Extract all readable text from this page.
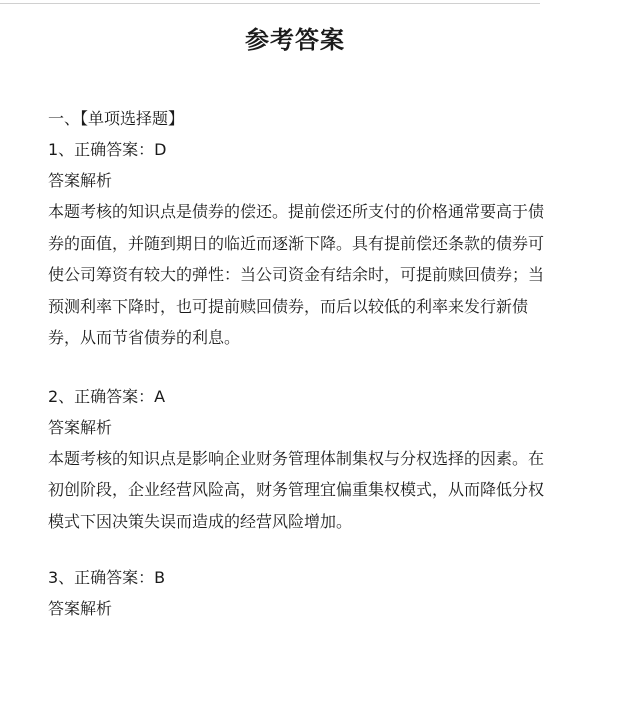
参考答案
一、【单项选择题】
1、正确答案：D
答案解析
本题考核的知识点是债券的偿还。提前偿还所支付的价格通常要高于债券的面值，并随到期日的临近而逐渐下降。具有提前偿还条款的债券可使公司筹资有较大的弹性：当公司资金有结余时，可提前赎回债券；当预测利率下降时，也可提前赎回债券，而后以较低的利率来发行新债券，从而节省债券的利息。
2、正确答案：A
答案解析
本题考核的知识点是影响企业财务管理体制集权与分权选择的因素。在初创阶段，企业经营风险高，财务管理宜偏重集权模式，从而降低分权模式下因决策失误而造成的经营风险增加。
3、正确答案：B
答案解析
